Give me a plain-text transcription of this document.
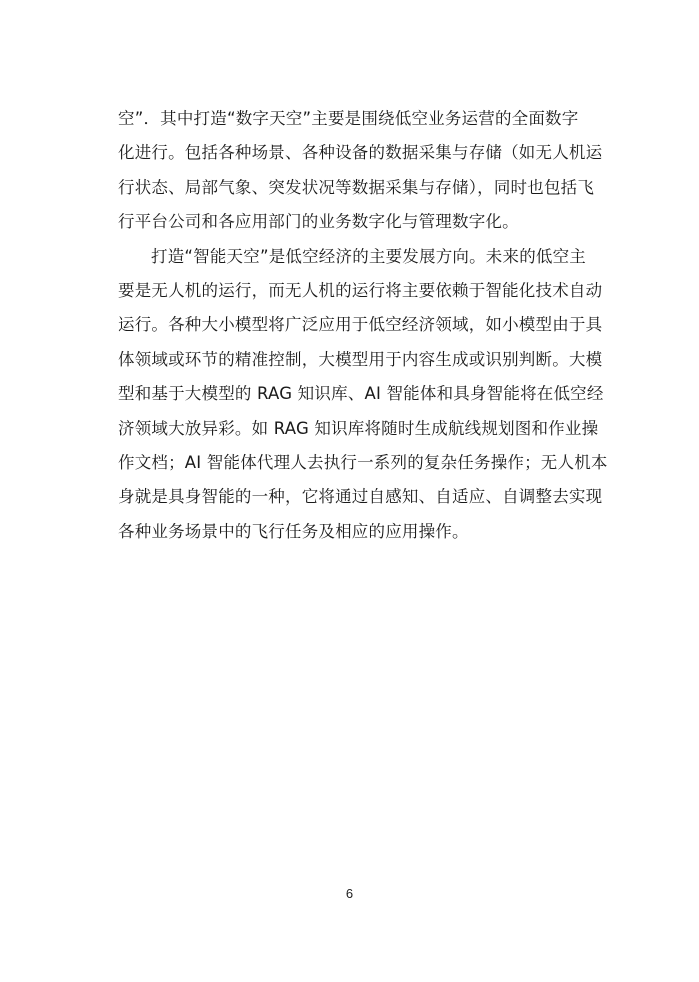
空”．其中打造“数字天空”主要是围绕低空业务运营的全面数字
化进行。包括各种场景、各种设备的数据采集与存储（如无人机运
行状态、局部气象、突发状况等数据采集与存储），同时也包括飞
行平台公司和各应用部门的业务数字化与管理数字化。
打造“智能天空”是低空经济的主要发展方向。未来的低空主
要是无人机的运行，而无人机的运行将主要依赖于智能化技术自动
运行。各种大小模型将广泛应用于低空经济领域，如小模型由于具
体领域或环节的精准控制，大模型用于内容生成或识别判断。大模
型和基于大模型的 RAG 知识库、AI 智能体和具身智能将在低空经
济领域大放异彩。如 RAG 知识库将随时生成航线规划图和作业操
作文档；AI 智能体代理人去执行一系列的复杂任务操作；无人机本
身就是具身智能的一种，它将通过自感知、自适应、自调整去实现
各种业务场景中的飞行任务及相应的应用操作。
6
